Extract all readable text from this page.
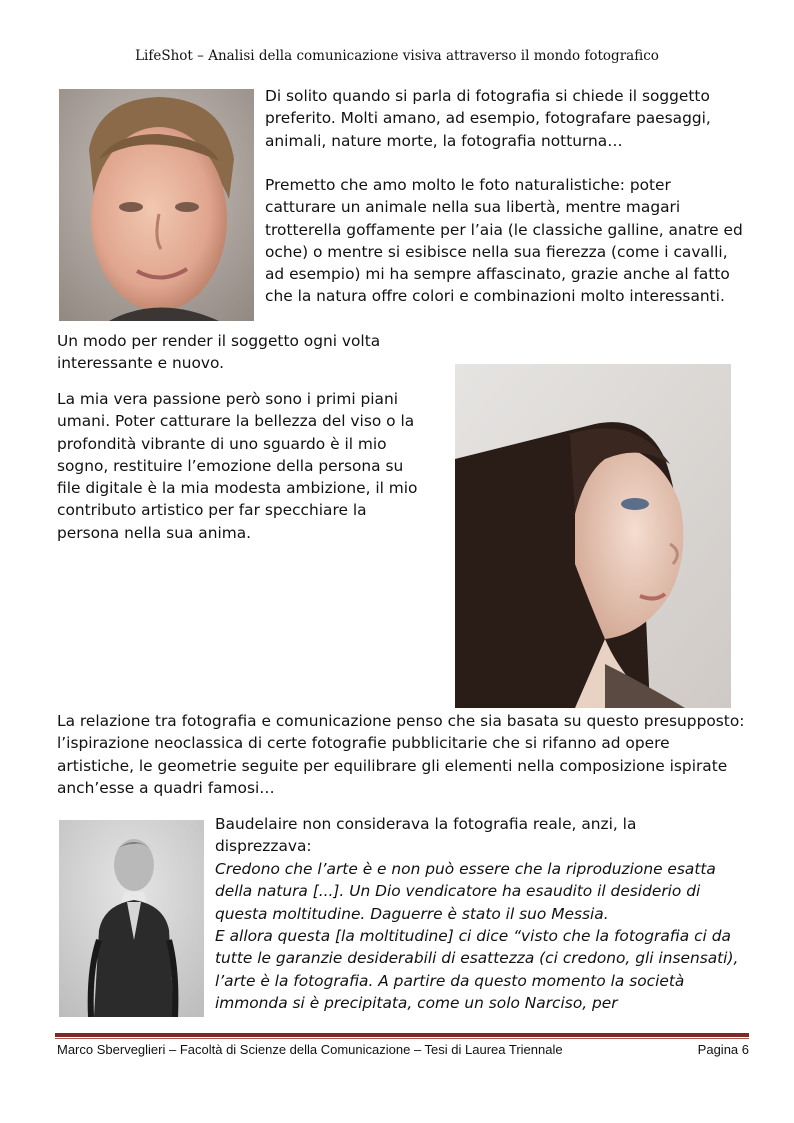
LifeShot – Analisi della comunicazione visiva attraverso il mondo fotografico

Di solito quando si parla di fotografia si chiede il soggetto preferito. Molti amano, ad esempio, fotografare paesaggi, animali, nature morte, la fotografia notturna…

Premetto che amo molto le foto naturalistiche: poter catturare un animale nella sua libertà, mentre magari trotterella goffamente per l’aia (le classiche galline, anatre ed oche) o mentre si esibisce nella sua fierezza (come i cavalli, ad esempio) mi ha sempre affascinato, grazie anche al fatto che la natura offre colori e combinazioni molto interessanti.

Un modo per render il soggetto ogni volta interessante e nuovo.

La mia vera passione però sono i primi piani umani. Poter catturare la bellezza del viso o la profondità vibrante di uno sguardo è il mio sogno, restituire l’emozione della persona su file digitale è la mia modesta ambizione, il mio contributo artistico per far specchiare la persona nella sua anima.

La relazione tra fotografia e comunicazione penso che sia basata su questo presupposto: l’ispirazione neoclassica di certe fotografie pubblicitarie che si rifanno ad opere artistiche, le geometrie seguite per equilibrare gli elementi nella composizione ispirate anch’esse a quadri famosi…

Baudelaire non considerava la fotografia reale, anzi, la disprezzava:

Credono che l’arte è e non può essere che la riproduzione esatta della natura [...]. Un Dio vendicatore ha esaudito il desiderio di questa moltitudine. Daguerre è stato il suo Messia.

E allora questa [la moltitudine] ci dice “visto che la fotografia ci da tutte le garanzie desiderabili di esattezza (ci credono, gli insensati), l’arte è la fotografia. A partire da questo momento la società immonda si è precipitata, come un solo Narciso, per

Marco Sberveglieri – Facoltà di Scienze della Comunicazione – Tesi di Laurea Triennale	Pagina 6
